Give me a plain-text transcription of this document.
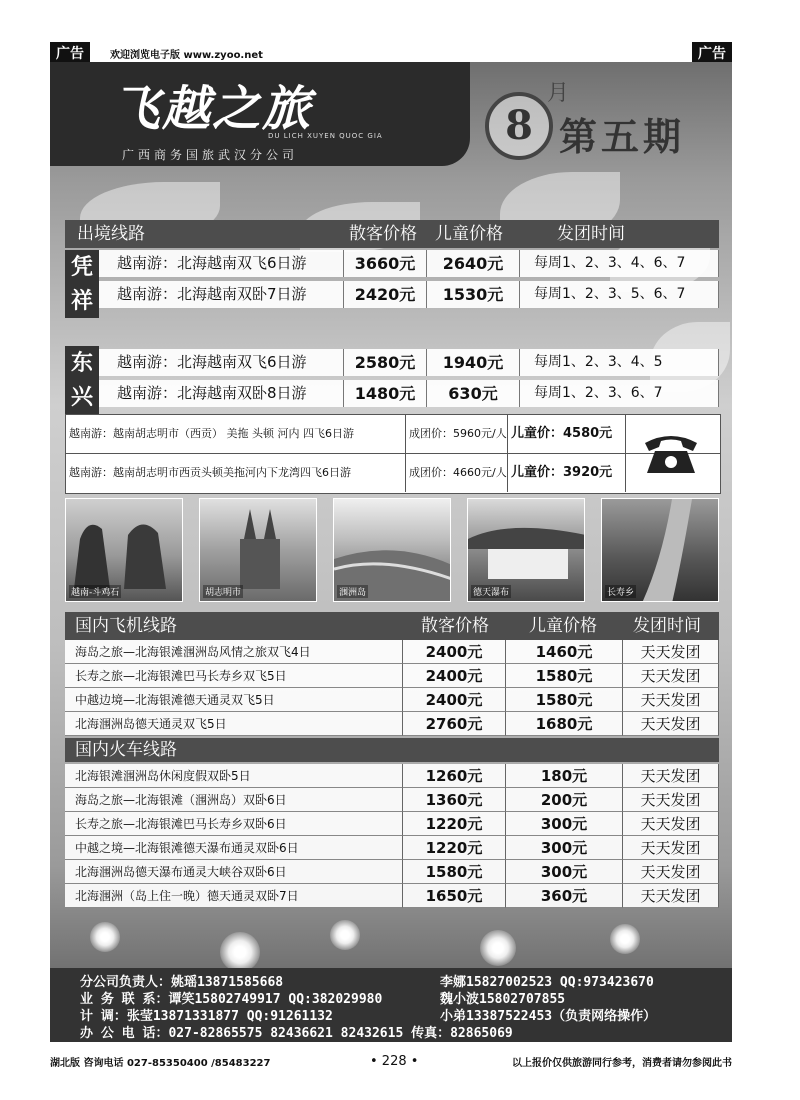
广告	欢迎浏览电子版 www.zyoo.net	广告
飞越之旅
DU LICH XUYEN QUOC GIA
广西商务国旅武汉分公司
8
月
第五期
出境线路	散客价格 儿童价格	发团时间
凭
祥
越南游：北海越南双飞6日游	3660元	2640元	每周1、2、3、4、6、7
越南游：北海越南双卧7日游	2420元	1530元	每周1、2、3、5、6、7
东
兴
越南游：北海越南双飞6日游	2580元	1940元	每周1、2、3、4、5
越南游：北海越南双卧8日游	1480元	630元	每周1、2、3、6、7
越南游：越南胡志明市（西贡） 美拖 头顿 河内 四飞6日游	成团价：5960元/人 儿童价：4580元
越南游：越南胡志明市西贡头顿美拖河内下龙湾四飞6日游	成团价：4660元/人 儿童价：3920元
越南-斗鸡石	胡志明市	涠洲岛	德天瀑布	长寿乡
国内飞机线路	散客价格 儿童价格 发团时间
海岛之旅—北海银滩涠洲岛风情之旅双飞4日	2400元	1460元	天天发团
长寿之旅—北海银滩巴马长寿乡双飞5日	2400元	1580元	天天发团
中越边境—北海银滩德天通灵双飞5日	2400元	1580元	天天发团
北海涠洲岛德天通灵双飞5日	2760元	1680元	天天发团
国内火车线路
北海银滩涠洲岛休闲度假双卧5日	1260元	180元	天天发团
海岛之旅—北海银滩（涠洲岛）双卧6日	1360元	200元	天天发团
长寿之旅—北海银滩巴马长寿乡双卧6日	1220元	300元	天天发团
中越之境—北海银滩德天瀑布通灵双卧6日	1220元	300元	天天发团
北海涠洲岛德天瀑布通灵大峡谷双卧6日	1580元	300元	天天发团
北海涠洲（岛上住一晚）德天通灵双卧7日	1650元	360元	天天发团
分公司负责人：姚瑶13871585668	李娜15827002523 QQ:973423670
业 务 联 系：谭笑15802749917 QQ:382029980	魏小波15802707855
计 调：张莹13871331877 QQ:91261132	小弟13387522453（负责网络操作）
办 公 电 话：027-82865575 82436621 82432615 传真：82865069
湖北版 咨询电话 027-85350400 /85483227	• 228 •	以上报价仅供旅游同行参考，消费者请勿参阅此书
